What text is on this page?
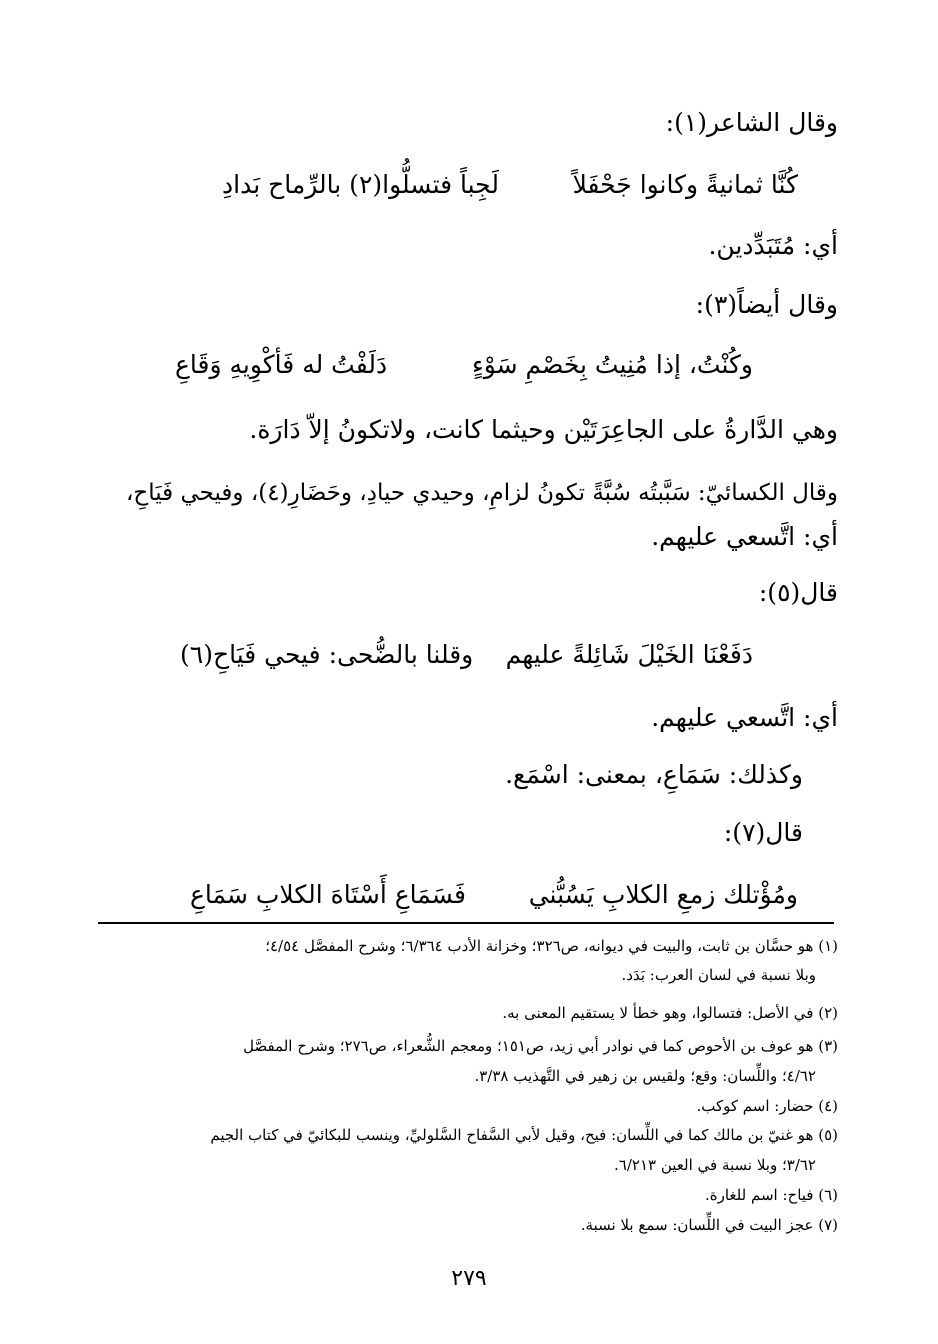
وقال الشاعر(١):
كُنَّا ثمانيةً وكانوا جَحْفَلاً
لَجِباً فتسلُّوا(٢) بالرِّماح بَدادِ
أي: مُتَبَدِّدين.
وقال أيضاً(٣):
وكُنْتُ، إذا مُنِيتُ بِخَصْمِ سَوْءٍ
دَلَفْتُ له فَأكْوِيهِ وَقَاعِ
وهي الدَّارةُ على الجاعِرَتَيْن وحيثما كانت، ولاتكونُ إلاّ دَارَة.
وقال الكسائيّ: سَبَّبتُه سُبَّةً تكونُ لزامِ، وحيدي حيادِ، وحَضَارِ(٤)، وفيحي فَيَاحِ،
أي: اتَّسعي عليهم.
قال(٥):
دَفَعْنَا الخَيْلَ شَائِلةً عليهم
وقلنا بالضُّحى: فيحي فَيَاحِ(٦)
أي: اتَّسعي عليهم.
وكذلك: سَمَاعِ، بمعنى: اسْمَع.
قال(٧):
ومُؤْتلك زمعِ الكلابِ يَسُبُّني
فَسَمَاعِ أَسْتَاهَ الكلابِ سَمَاعِ
(١) هو حسَّان بن ثابت، والبيت في ديوانه، ص٣٢٦؛ وخزانة الأدب ٦/٣٦٤؛ وشرح المفصَّل ٤/٥٤؛
وبلا نسبة في لسان العرب: بَدَد.
(٢) في الأصل: فتسالوا، وهو خطأ لا يستقيم المعنى به.
(٣) هو عوف بن الأحوص كما في نوادر أبي زيد، ص١٥١؛ ومعجم الشُّعراء، ص٢٧٦؛ وشرح المفصَّل
٤/٦٢؛ واللِّسان: وقع؛ ولقيس بن زهير في التَّهذيب ٣/٣٨.
(٤) حضار: اسم كوكب.
(٥) هو غنيّ بن مالك كما في اللِّسان: فيح، وقيل لأبي السَّفاح السَّلوليِّ، وينسب للبكائيّ في كتاب الجيم
٣/٦٢؛ وبلا نسبة في العين ٦/٢١٣.
(٦) فياح: اسم للغارة.
(٧) عجز البيت في اللِّسان: سمع بلا نسبة.
٢٧٩
